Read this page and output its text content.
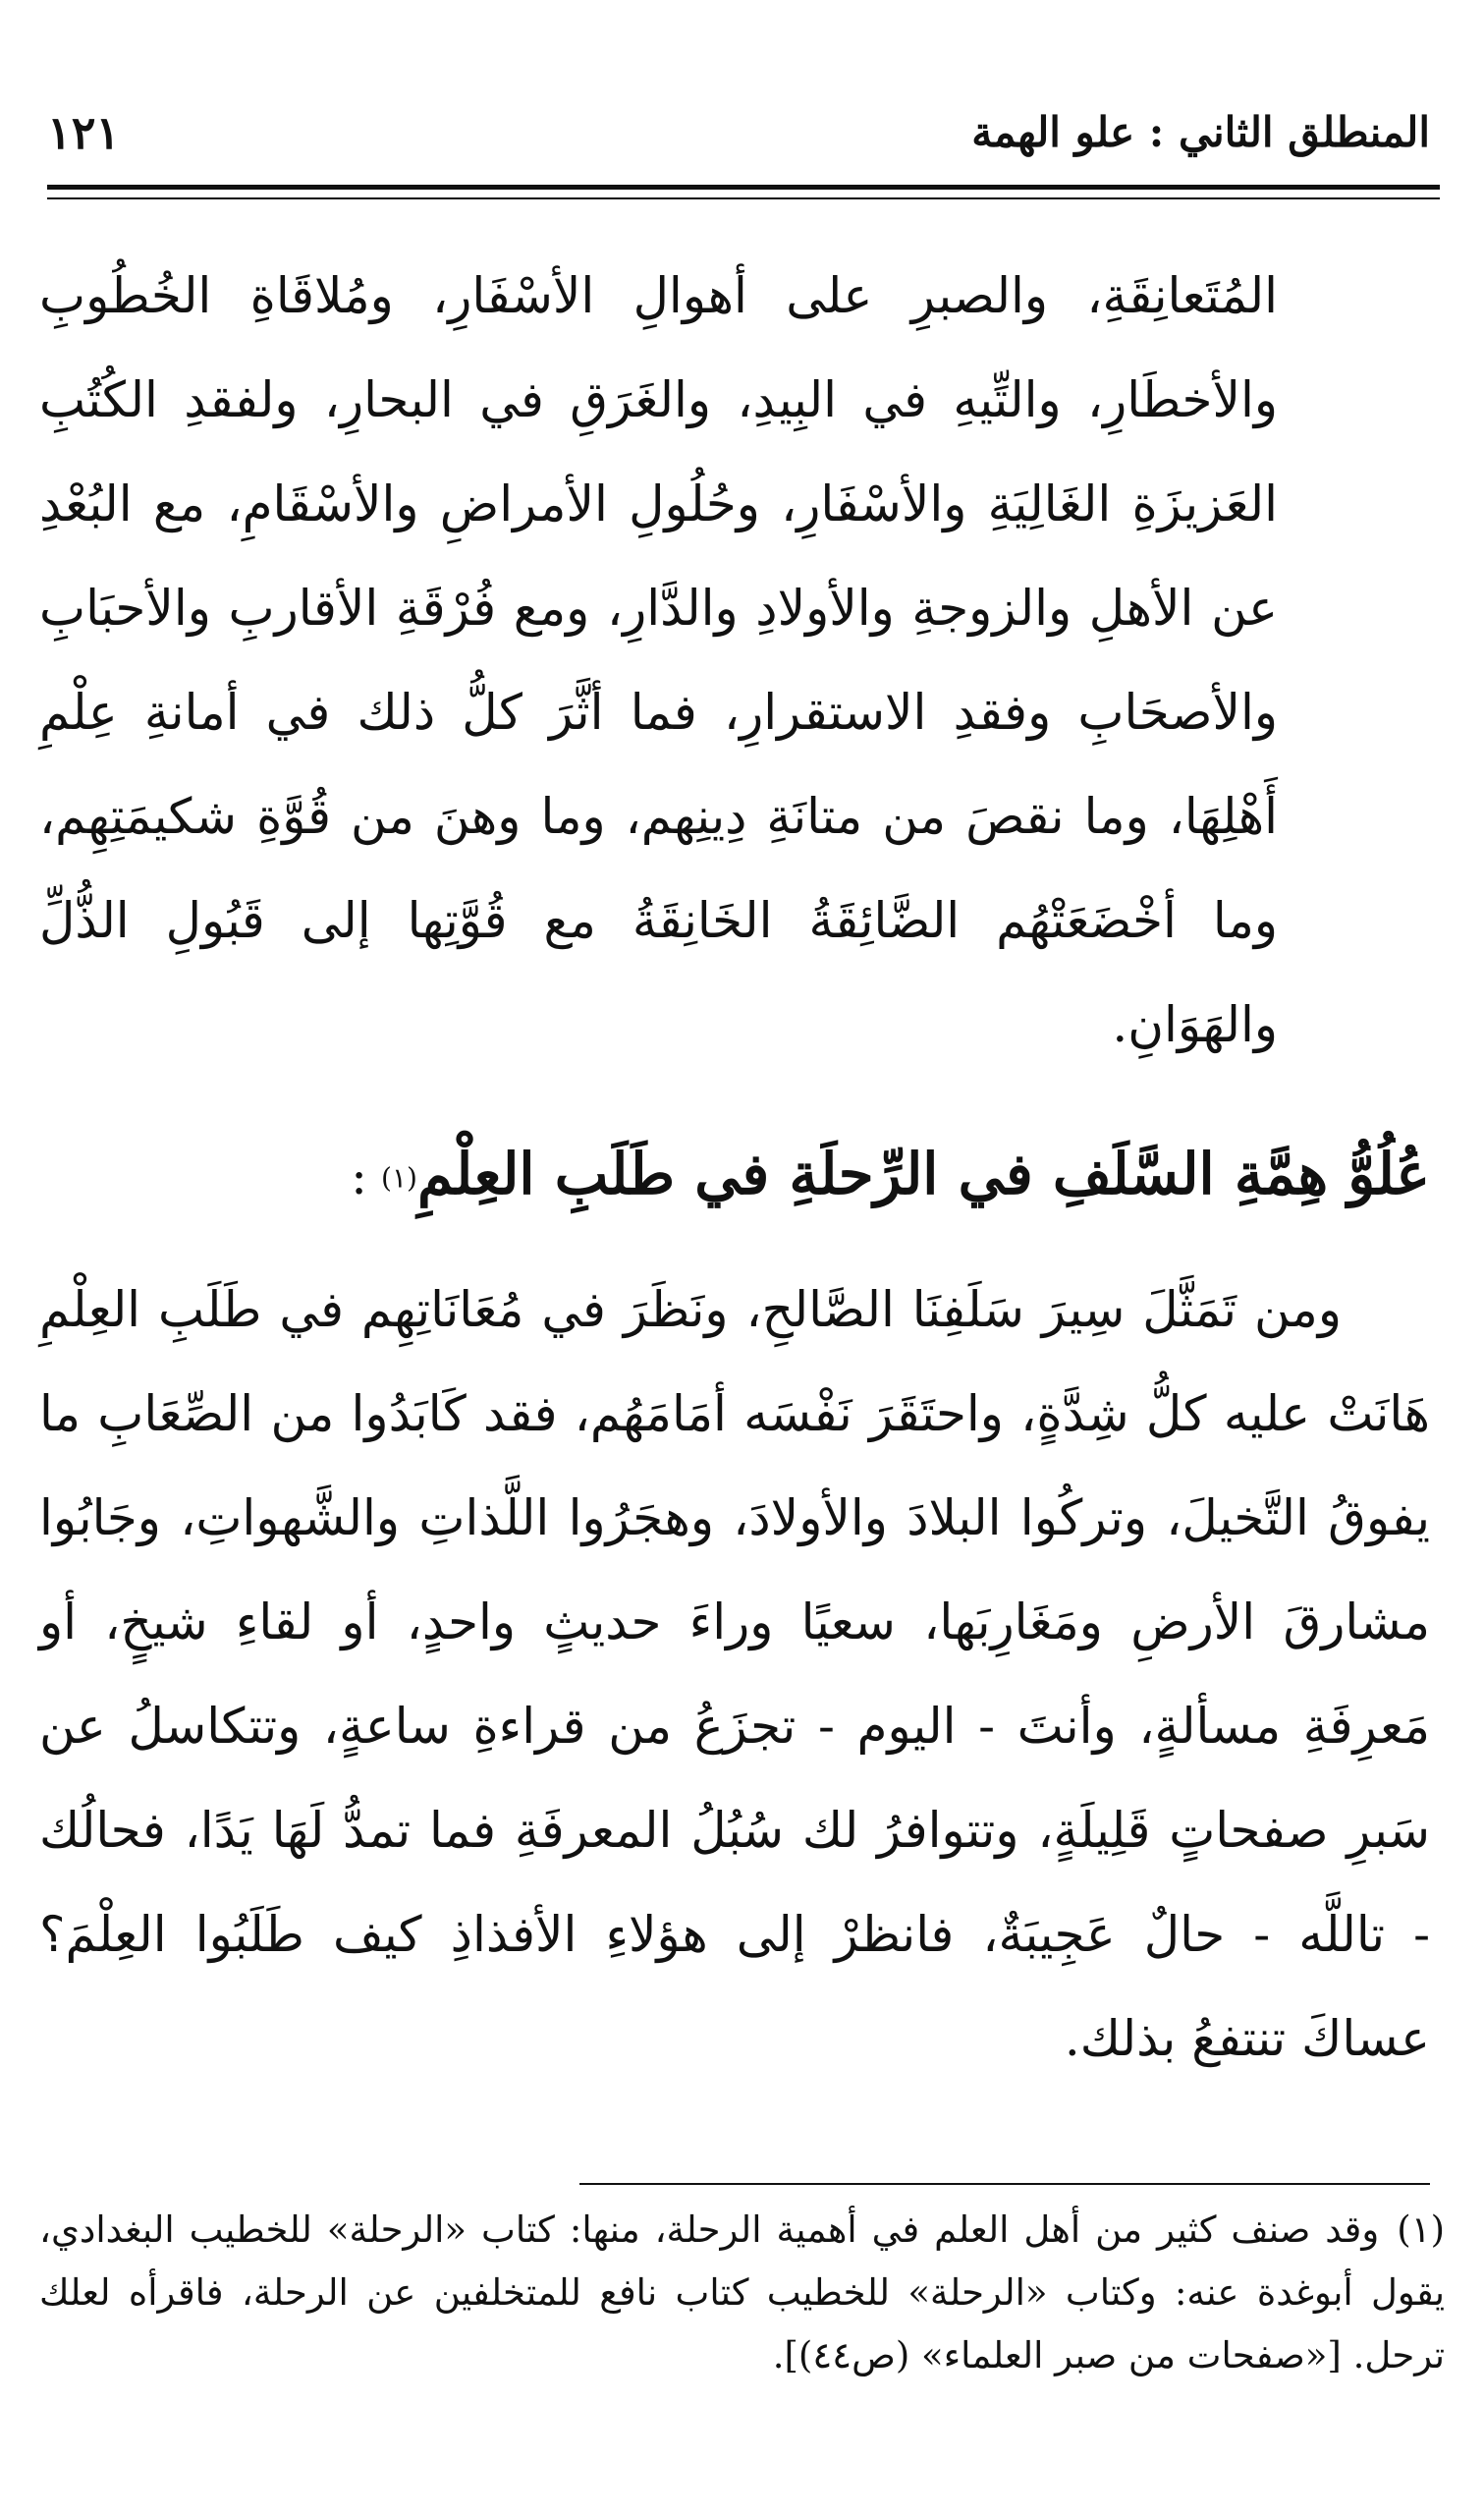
١٢١	المنطلق الثاني : علو الهمة

المُتَعانِقَةِ، والصبرِ على أهوالِ الأسْفَارِ، ومُلاقَاةِ الخُطُوبِ والأخطَارِ، والتِّيهِ في البِيدِ، والغَرَقِ في البحارِ، ولفقدِ الكُتُبِ العَزيزَةِ الغَالِيَةِ والأسْفَارِ، وحُلُولِ الأمراضِ والأسْقَامِ، مع البُعْدِ عن الأهلِ والزوجةِ والأولادِ والدَّارِ، ومع فُرْقَةِ الأقاربِ والأحبَابِ والأصحَابِ وفقدِ الاستقرارِ، فما أثَّرَ كلُّ ذلك في أمانةِ عِلْمِ أَهْلِهَا، وما نقصَ من متانَةِ دِينِهم، وما وهنَ من قُوَّةِ شكيمَتِهِم، وما أخْضَعَتْهُم الضَّائِقَةُ الخَانِقَةُ مع قُوَّتِها إلى قَبُولِ الذُّلِّ والهَوَانِ.

عُلُوُّ هِمَّةِ السَّلَفِ في الرِّحلَةِ في طَلَبِ العِلْمِ(١):

ومن تَمَثَّلَ سِيرَ سَلَفِنَا الصَّالحِ، ونَظَرَ في مُعَانَاتِهِم في طَلَبِ العِلْمِ هَانَتْ عليه كلُّ شِدَّةٍ، واحتَقَرَ نَفْسَه أمَامَهُم، فقد كَابَدُوا من الصِّعَابِ ما يفوقُ التَّخيلَ، وتركُوا البلادَ والأولادَ، وهجَرُوا اللَّذاتِ والشَّهواتِ، وجَابُوا مشارقَ الأرضِ ومَغَارِبَها، سعيًا وراءَ حديثٍ واحدٍ، أو لقاءِ شيخٍ، أو مَعرِفَةِ مسألةٍ، وأنتَ - اليوم - تجزَعُ من قراءةِ ساعةٍ، وتتكاسلُ عن سَبرِ صفحاتٍ قَلِيلَةٍ، وتتوافرُ لك سُبُلُ المعرفَةِ فما تمدُّ لَهَا يَدًا، فحالُك - تاللَّه - حالٌ عَجِيبَةٌ، فانظرْ إلى هؤلاءِ الأفذاذِ كيف طَلَبُوا العِلْمَ؟ عساكَ تنتفعُ بذلك.

(١)وقد صنف كثير من أهل العلم في أهمية الرحلة، منها: كتاب «الرحلة» للخطيب البغدادي، يقول أبوغدة عنه: وكتاب «الرحلة» للخطيب كتاب نافع للمتخلفين عن الرحلة، فاقرأه لعلك ترحل. [«صفحات من صبر العلماء» (ص٤٤)].
